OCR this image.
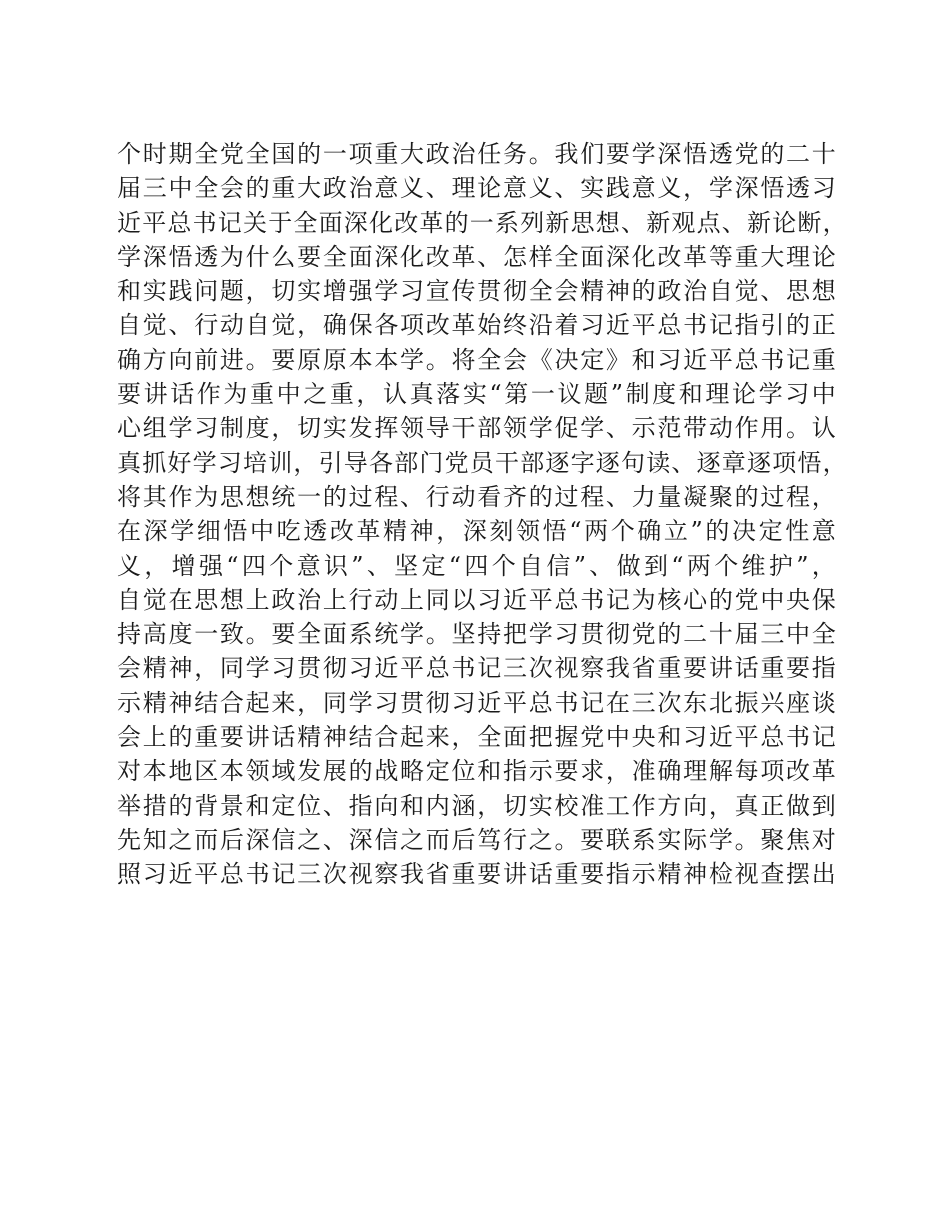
个时期全党全国的一项重大政治任务。我们要学深悟透党的二十
届三中全会的重大政治意义、理论意义、实践意义，学深悟透习
近平总书记关于全面深化改革的一系列新思想、新观点、新论断，
学深悟透为什么要全面深化改革、怎样全面深化改革等重大理论
和实践问题，切实增强学习宣传贯彻全会精神的政治自觉、思想
自觉、行动自觉，确保各项改革始终沿着习近平总书记指引的正
确方向前进。要原原本本学。将全会《决定》和习近平总书记重
要讲话作为重中之重，认真落实“第一议题”制度和理论学习中
心组学习制度，切实发挥领导干部领学促学、示范带动作用。认
真抓好学习培训，引导各部门党员干部逐字逐句读、逐章逐项悟，
将其作为思想统一的过程、行动看齐的过程、力量凝聚的过程，
在深学细悟中吃透改革精神，深刻领悟“两个确立”的决定性意
义，增强“四个意识”、坚定“四个自信”、做到“两个维护”，
自觉在思想上政治上行动上同以习近平总书记为核心的党中央保
持高度一致。要全面系统学。坚持把学习贯彻党的二十届三中全
会精神，同学习贯彻习近平总书记三次视察我省重要讲话重要指
示精神结合起来，同学习贯彻习近平总书记在三次东北振兴座谈
会上的重要讲话精神结合起来，全面把握党中央和习近平总书记
对本地区本领域发展的战略定位和指示要求，准确理解每项改革
举措的背景和定位、指向和内涵，切实校准工作方向，真正做到
先知之而后深信之、深信之而后笃行之。要联系实际学。聚焦对
照习近平总书记三次视察我省重要讲话重要指示精神检视查摆出
